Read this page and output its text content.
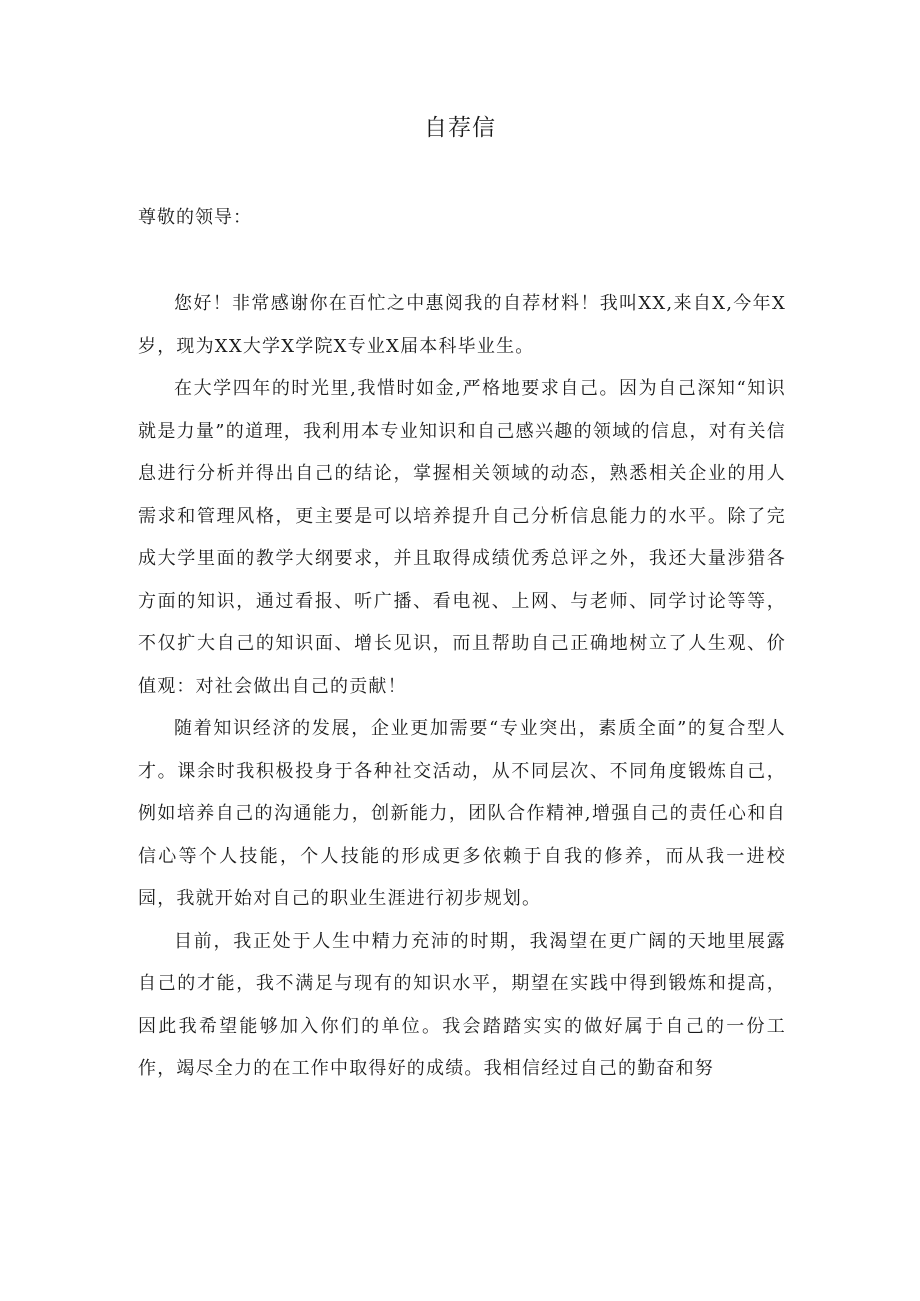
自荐信
尊敬的领导：

您好！非常感谢你在百忙之中惠阅我的自荐材料！我叫XX,来自X,今年X岁，现为XX大学X学院X专业X届本科毕业生。

在大学四年的时光里,我惜时如金,严格地要求自己。因为自己深知“知识就是力量”的道理，我利用本专业知识和自己感兴趣的领域的信息，对有关信息进行分析并得出自己的结论，掌握相关领域的动态，熟悉相关企业的用人需求和管理风格，更主要是可以培养提升自己分析信息能力的水平。除了完成大学里面的教学大纲要求，并且取得成绩优秀总评之外，我还大量涉猎各方面的知识，通过看报、听广播、看电视、上网、与老师、同学讨论等等，不仅扩大自己的知识面、增长见识，而且帮助自己正确地树立了人生观、价值观：对社会做出自己的贡献！

随着知识经济的发展，企业更加需要“专业突出，素质全面”的复合型人才。课余时我积极投身于各种社交活动，从不同层次、不同角度锻炼自己，例如培养自己的沟通能力，创新能力，团队合作精神,增强自己的责任心和自信心等个人技能，个人技能的形成更多依赖于自我的修养，而从我一进校园，我就开始对自己的职业生涯进行初步规划。

目前，我正处于人生中精力充沛的时期，我渴望在更广阔的天地里展露自己的才能，我不满足与现有的知识水平，期望在实践中得到锻炼和提高，因此我希望能够加入你们的单位。我会踏踏实实的做好属于自己的一份工作，竭尽全力的在工作中取得好的成绩。我相信经过自己的勤奋和努
